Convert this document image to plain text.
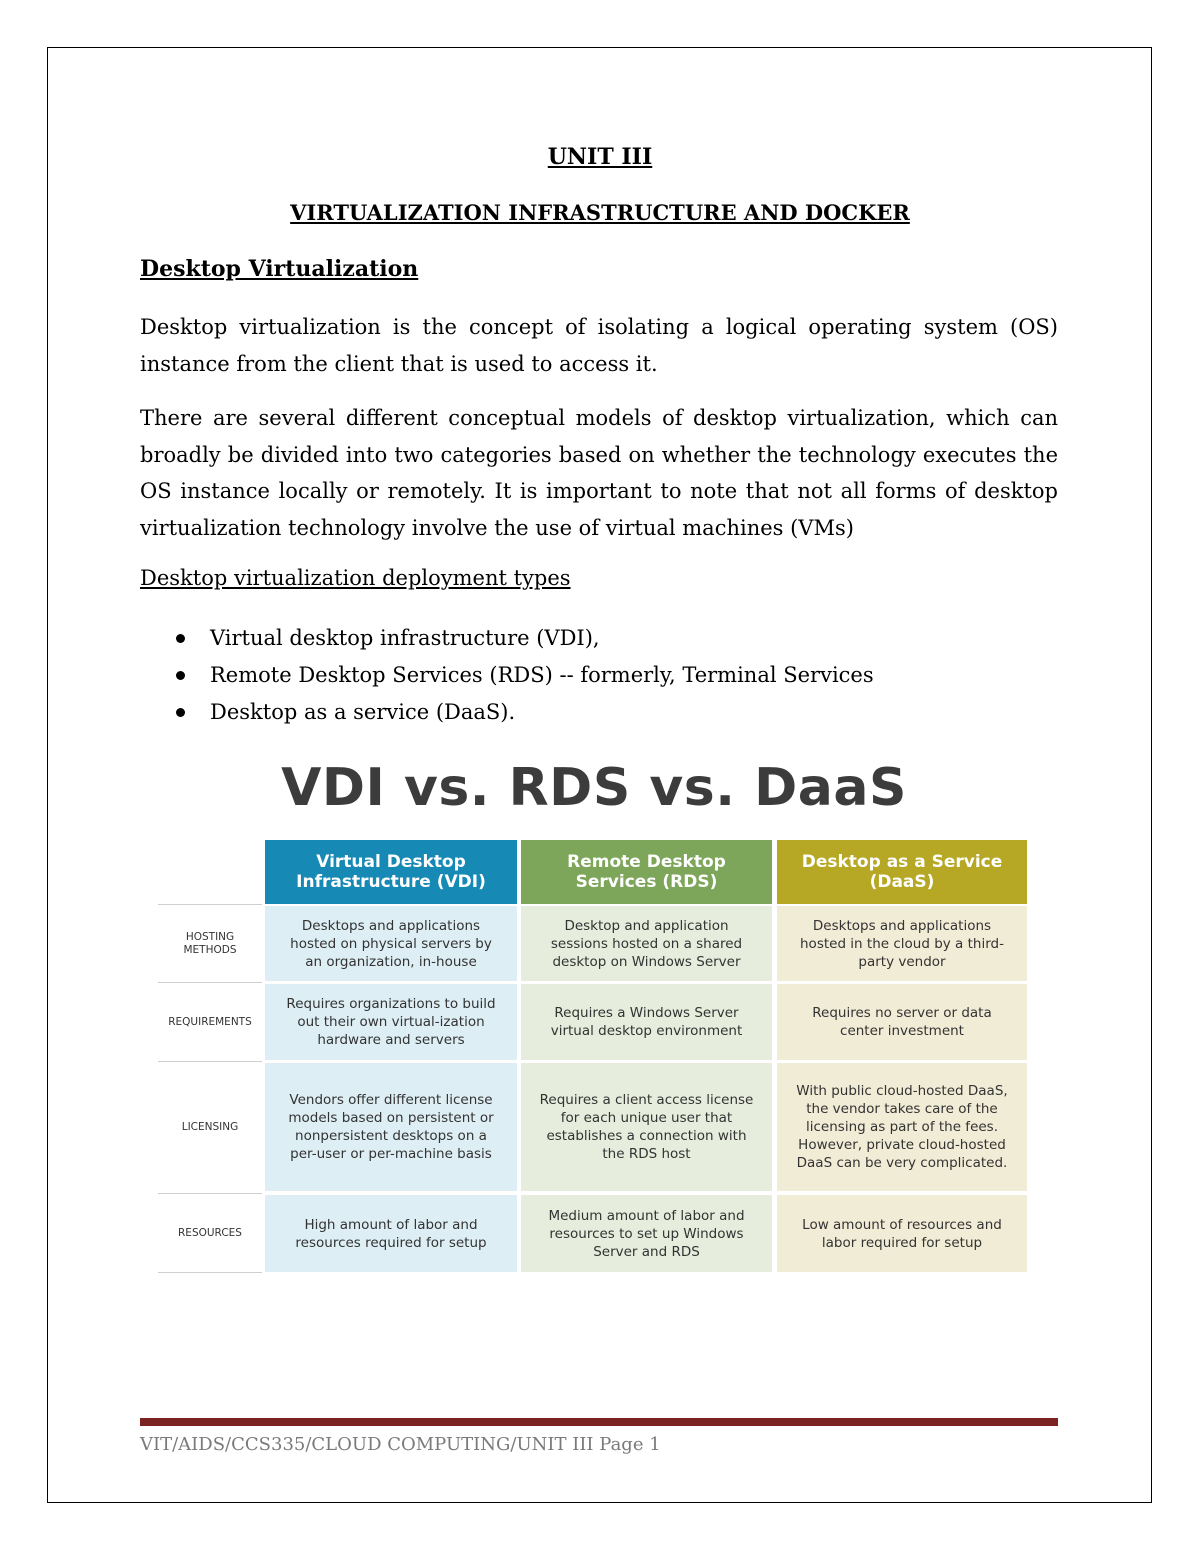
UNIT III
VIRTUALIZATION INFRASTRUCTURE AND DOCKER
Desktop Virtualization

Desktop virtualization is the concept of isolating a logical operating system (OS) instance from the client that is used to access it.

There are several different conceptual models of desktop virtualization, which can broadly be divided into two categories based on whether the technology executes the OS instance locally or remotely. It is important to note that not all forms of desktop virtualization technology involve the use of virtual machines (VMs)

Desktop virtualization deployment types
Virtual desktop infrastructure (VDI),
Remote Desktop Services (RDS) -- formerly, Terminal Services
Desktop as a service (DaaS).
VDI vs. RDS vs. DaaS
Virtual Desktop Infrastructure (VDI)
Remote Desktop Services (RDS)
Desktop as a Service (DaaS)
HOSTING METHODS
Desktops and applications hosted on physical servers by an organization, in-house
Desktop and application sessions hosted on a shared desktop on Windows Server
Desktops and applications hosted in the cloud by a third-party vendor
REQUIREMENTS
Requires organizations to build out their own virtual-ization hardware and servers
Requires a Windows Server virtual desktop environment
Requires no server or data center investment
LICENSING
Vendors offer different license models based on persistent or nonpersistent desktops on a per-user or per-machine basis
Requires a client access license for each unique user that establishes a connection with the RDS host
With public cloud-hosted DaaS, the vendor takes care of the licensing as part of the fees. However, private cloud-hosted DaaS can be very complicated.
RESOURCES
High amount of labor and resources required for setup
Medium amount of labor and resources to set up Windows Server and RDS
Low amount of resources and labor required for setup
VIT/AIDS/CCS335/CLOUD COMPUTING/UNIT III Page 1
